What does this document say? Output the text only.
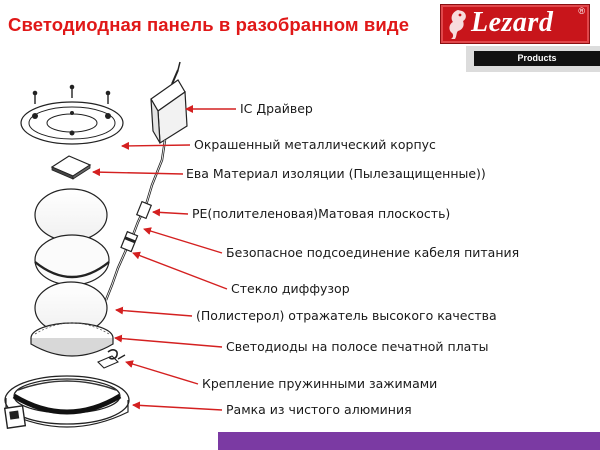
Светодиодная панель в разобранном виде Lezard	®
Products
IC Драйвер
Окрашенный металлический корпус
Ева Материал изоляции (Пылезащищенные))
PE(полителеновая)Матовая плоскость)
Безопасное подсоединение кабеля питания
Стекло диффузор
(Полистерол) отражатель высокого качества
Светодиоды на полосе печатной платы
Крепление пружинными зажимами
Рамка из чистого алюминия
